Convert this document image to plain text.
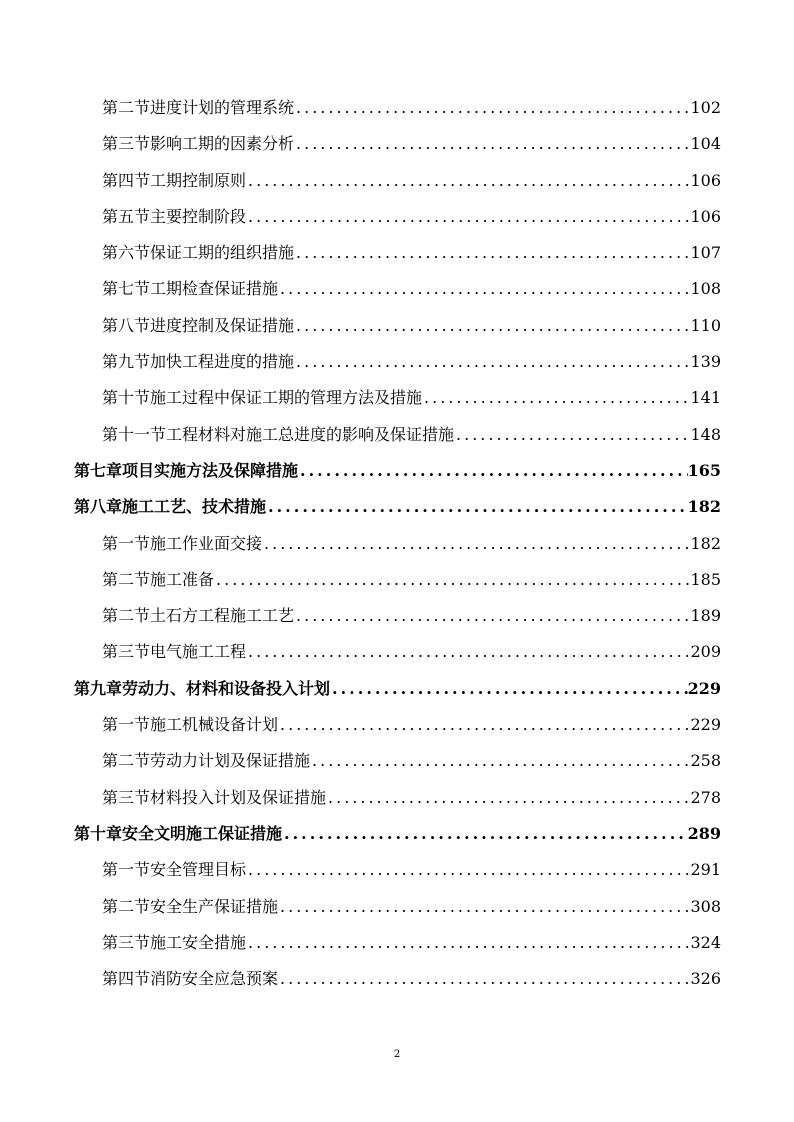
第二节 进度计划的管理系统 .....	102
第三节 影响工期的因素分析 .....	104
第四节 工期控制原则 .....	106
第五节 主要控制阶段 .....	106
第六节 保证工期的组织措施 .....	107
第七节 工期检查保证措施 .....	108
第八节 进度控制及保证措施 .....	110
第九节 加快工程进度的措施 .....	139
第十节 施工过程中保证工期的管理方法及措施 .....	141
第十一节 工程材料对施工总进度的影响及保证措施 .....	148
第七章 项目实施方法及保障措施 .....	165
第八章 施工工艺、技术措施 .....	182
第一节 施工作业面交接 .....	182
第二节 施工准备 .....	185
第二节 土石方工程施工工艺 .....	189
第三节 电气施工工程 .....	209
第九章 劳动力、材料和设备投入计划 .....	229
第一节 施工机械设备计划 .....	229
第二节 劳动力计划及保证措施 .....	258
第三节 材料投入计划及保证措施 .....	278
第十章 安全文明施工保证措施 .....	289
第一节 安全管理目标 .....	291
第二节 安全生产保证措施 .....	308
第三节 施工安全措施 .....	324
第四节 消防安全应急预案 .....	326
2
